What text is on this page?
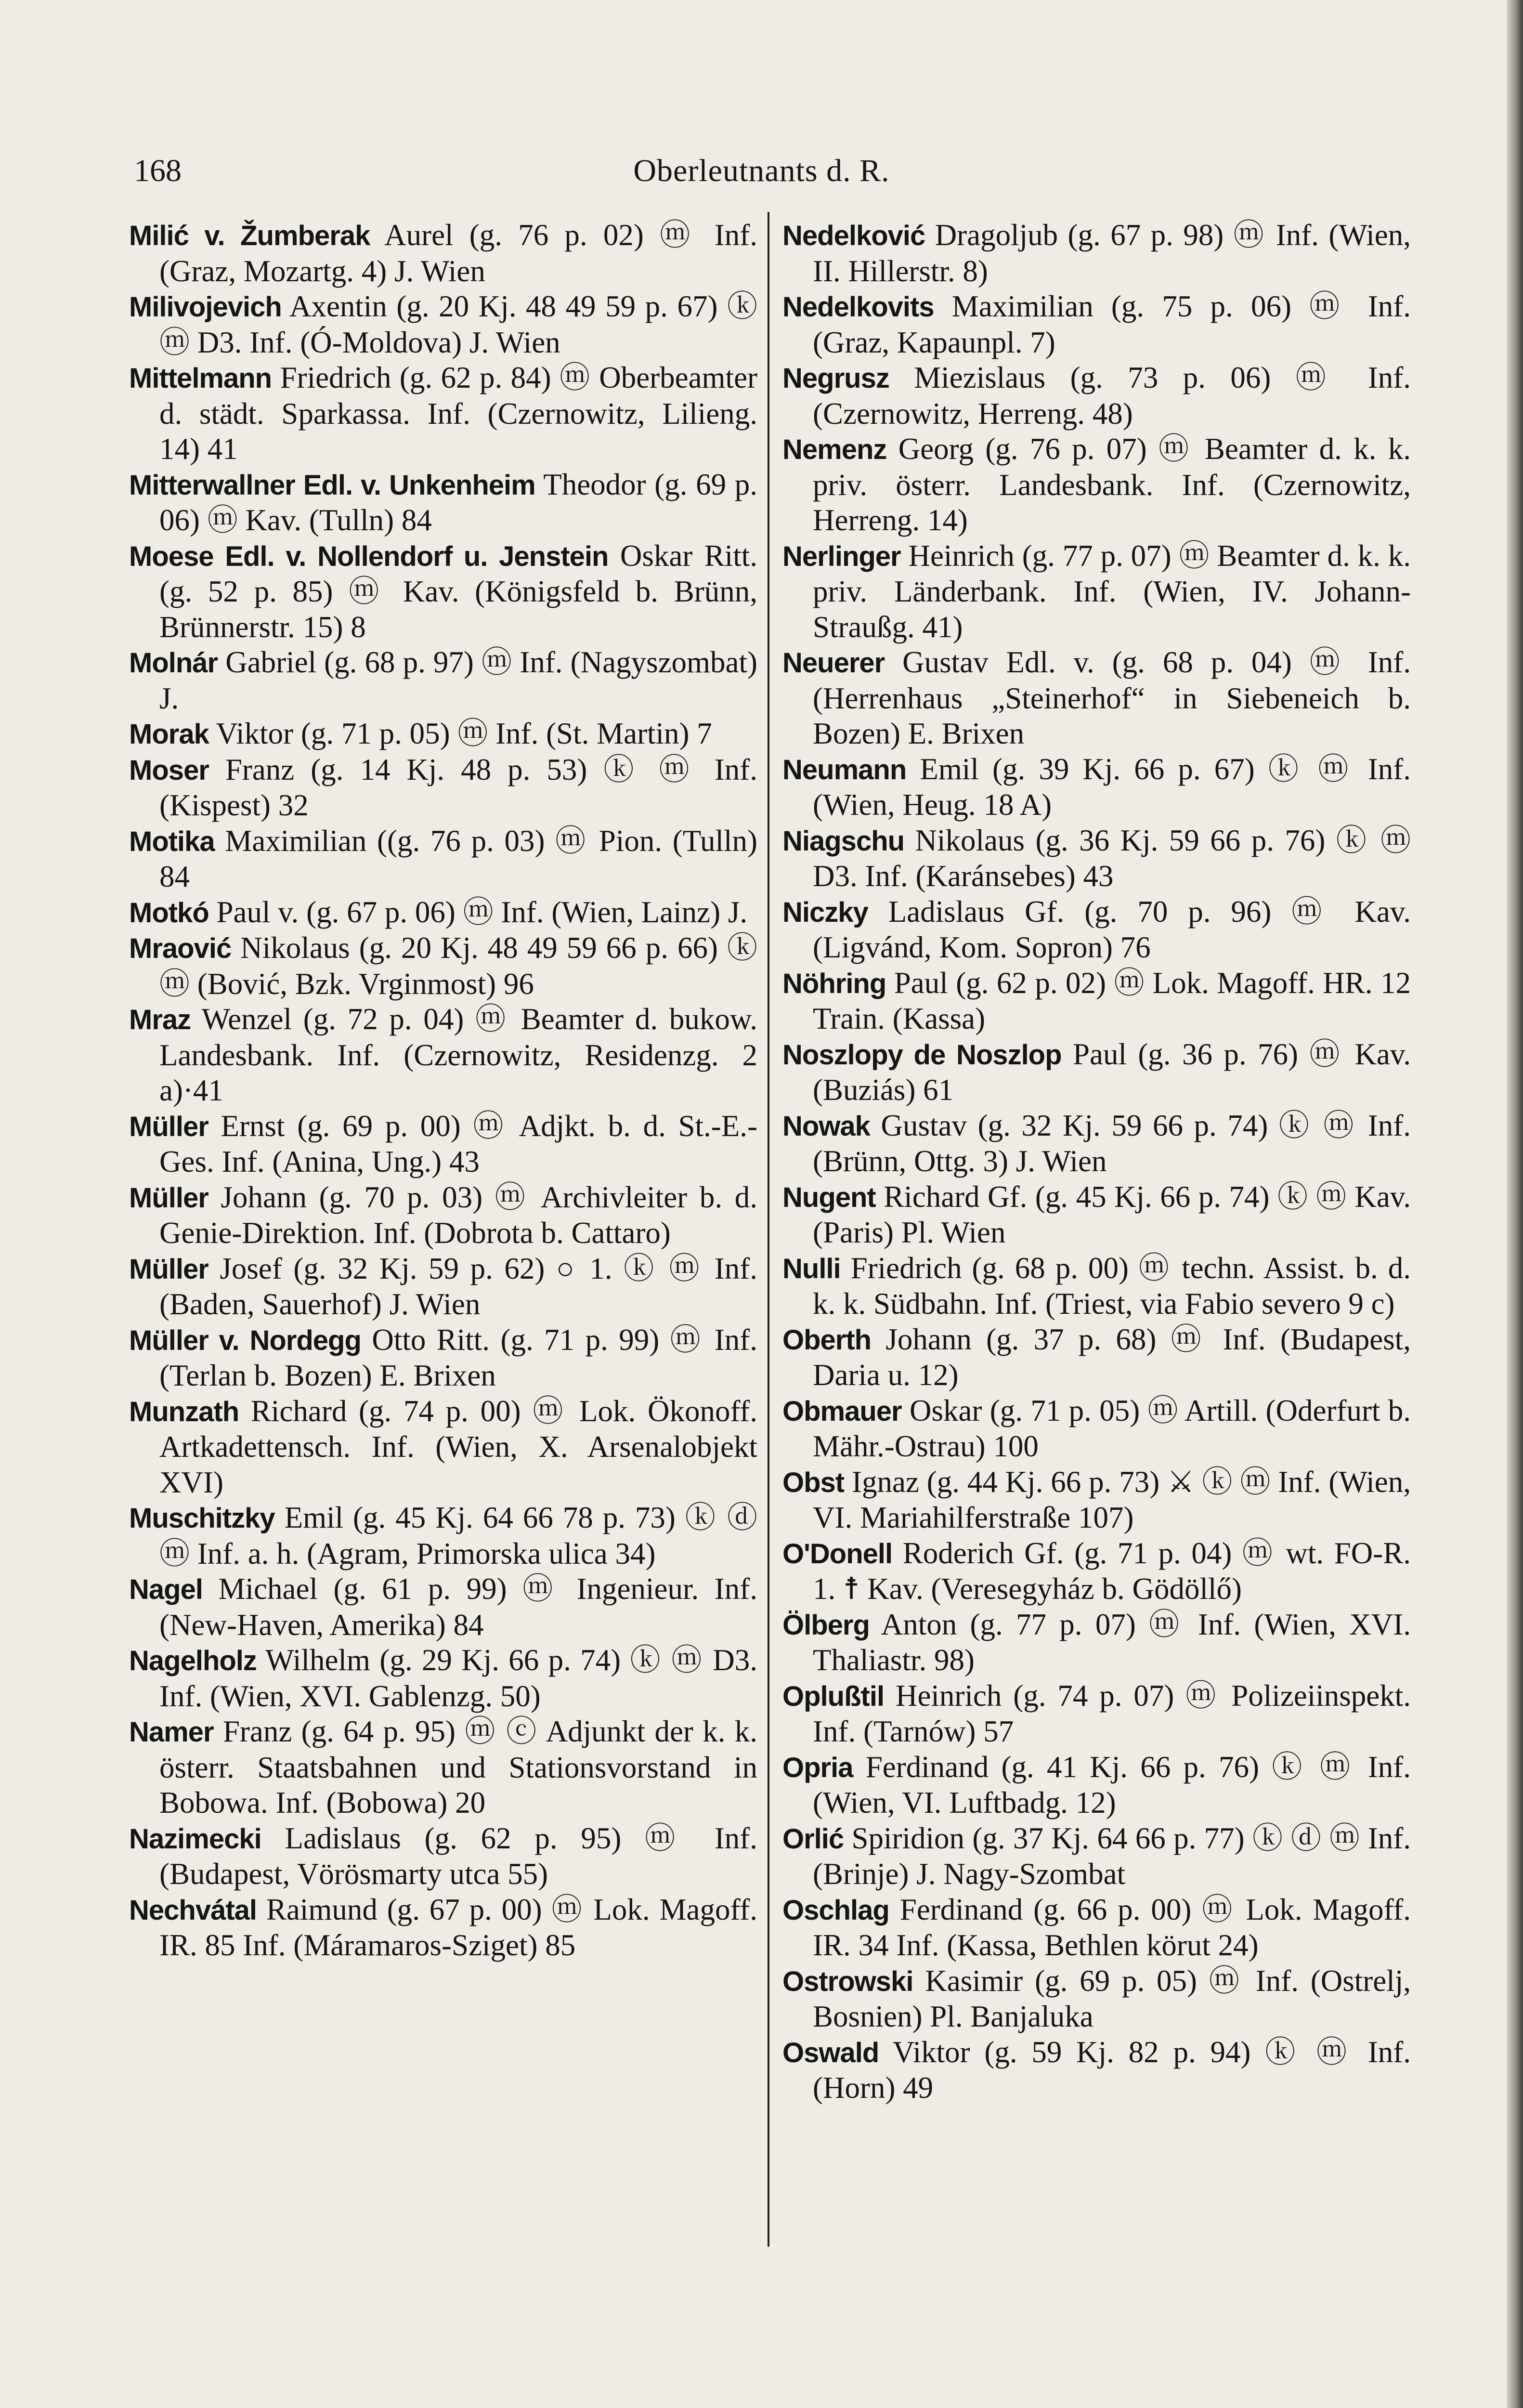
168	Oberleutnants d. R.

Milić v. Žumberak Aurel (g. 76 p. 02) ⓜ Inf. (Graz, Mozartg. 4) J. Wien

Milivojevich Axentin (g. 20 Kj. 48 49 59 p. 67) ⓚ ⓜ D3. Inf. (Ó-Moldova) J. Wien

Mittelmann Friedrich (g. 62 p. 84) ⓜ Oberbeamter d. städt. Sparkassa. Inf. (Czernowitz, Lilieng. 14) 41

Mitterwallner Edl. v. Unkenheim Theodor (g. 69 p. 06) ⓜ Kav. (Tulln) 84

Moese Edl. v. Nollendorf u. Jenstein Oskar Ritt. (g. 52 p. 85) ⓜ Kav. (Königsfeld b. Brünn, Brünnerstr. 15) 8

Molnár Gabriel (g. 68 p. 97) ⓜ Inf. (Nagyszombat) J.

Morak Viktor (g. 71 p. 05) ⓜ Inf. (St. Martin) 7

Moser Franz (g. 14 Kj. 48 p. 53) ⓚ ⓜ Inf. (Kispest) 32

Motika Maximilian ((g. 76 p. 03) ⓜ Pion. (Tulln) 84

Motkó Paul v. (g. 67 p. 06) ⓜ Inf. (Wien, Lainz) J.

Mraović Nikolaus (g. 20 Kj. 48 49 59 66 p. 66) ⓚ ⓜ (Bović, Bzk. Vrginmost) 96

Mraz Wenzel (g. 72 p. 04) ⓜ Beamter d. bukow. Landesbank. Inf. (Czernowitz, Residenzg. 2 a)·41

Müller Ernst (g. 69 p. 00) ⓜ Adjkt. b. d. St.-E.-Ges. Inf. (Anina, Ung.) 43

Müller Johann (g. 70 p. 03) ⓜ Archivleiter b. d. Genie-Direktion. Inf. (Dobrota b. Cattaro)

Müller Josef (g. 32 Kj. 59 p. 62) ○ 1. ⓚ ⓜ Inf. (Baden, Sauerhof) J. Wien

Müller v. Nordegg Otto Ritt. (g. 71 p. 99) ⓜ Inf. (Terlan b. Bozen) E. Brixen

Munzath Richard (g. 74 p. 00) ⓜ Lok. Ökonoff. Artkadettensch. Inf. (Wien, X. Arsenalobjekt XVI)

Muschitzky Emil (g. 45 Kj. 64 66 78 p. 73) ⓚ ⓓ ⓜ Inf. a. h. (Agram, Primorska ulica 34)

Nagel Michael (g. 61 p. 99) ⓜ Ingenieur. Inf. (New-Haven, Amerika) 84

Nagelholz Wilhelm (g. 29 Kj. 66 p. 74) ⓚ ⓜ D3. Inf. (Wien, XVI. Gablenzg. 50)

Namer Franz (g. 64 p. 95) ⓜ ⓒ Adjunkt der k. k. österr. Staatsbahnen und Stationsvorstand in Bobowa. Inf. (Bobowa) 20

Nazimecki Ladislaus (g. 62 p. 95) ⓜ Inf. (Budapest, Vörösmarty utca 55)

Nechvátal Raimund (g. 67 p. 00) ⓜ Lok. Magoff. IR. 85 Inf. (Máramaros-Sziget) 85

Nedelković Dragoljub (g. 67 p. 98) ⓜ Inf. (Wien, II. Hillerstr. 8)

Nedelkovits Maximilian (g. 75 p. 06) ⓜ Inf. (Graz, Kapaunpl. 7)

Negrusz Miezislaus (g. 73 p. 06) ⓜ Inf. (Czernowitz, Herreng. 48)

Nemenz Georg (g. 76 p. 07) ⓜ Beamter d. k. k. priv. österr. Landesbank. Inf. (Czernowitz, Herreng. 14)

Nerlinger Heinrich (g. 77 p. 07) ⓜ Beamter d. k. k. priv. Länderbank. Inf. (Wien, IV. Johann-Straußg. 41)

Neuerer Gustav Edl. v. (g. 68 p. 04) ⓜ Inf. (Herrenhaus „Steinerhof“ in Siebeneich b. Bozen) E. Brixen

Neumann Emil (g. 39 Kj. 66 p. 67) ⓚ ⓜ Inf. (Wien, Heug. 18 A)

Niagschu Nikolaus (g. 36 Kj. 59 66 p. 76) ⓚ ⓜ D3. Inf. (Karánsebes) 43

Niczky Ladislaus Gf. (g. 70 p. 96) ⓜ Kav. (Ligvánd, Kom. Sopron) 76

Nöhring Paul (g. 62 p. 02) ⓜ Lok. Magoff. HR. 12 Train. (Kassa)

Noszlopy de Noszlop Paul (g. 36 p. 76) ⓜ Kav. (Buziás) 61

Nowak Gustav (g. 32 Kj. 59 66 p. 74) ⓚ ⓜ Inf. (Brünn, Ottg. 3) J. Wien

Nugent Richard Gf. (g. 45 Kj. 66 p. 74) ⓚ ⓜ Kav. (Paris) Pl. Wien

Nulli Friedrich (g. 68 p. 00) ⓜ techn. Assist. b. d. k. k. Südbahn. Inf. (Triest, via Fabio severo 9 c)

Oberth Johann (g. 37 p. 68) ⓜ Inf. (Budapest, Daria u. 12)

Obmauer Oskar (g. 71 p. 05) ⓜ Artill. (Oderfurt b. Mähr.-Ostrau) 100

Obst Ignaz (g. 44 Kj. 66 p. 73) ⚔ ⓚ ⓜ Inf. (Wien, VI. Mariahilferstraße 107)

O'Donell Roderich Gf. (g. 71 p. 04) ⓜ wt. FO-R. 1. ☨ Kav. (Veresegyház b. Gödöllő)

Ölberg Anton (g. 77 p. 07) ⓜ Inf. (Wien, XVI. Thaliastr. 98)

Oplußtil Heinrich (g. 74 p. 07) ⓜ Polizeiinspekt. Inf. (Tarnów) 57

Opria Ferdinand (g. 41 Kj. 66 p. 76) ⓚ ⓜ Inf. (Wien, VI. Luftbadg. 12)

Orlić Spiridion (g. 37 Kj. 64 66 p. 77) ⓚ ⓓ ⓜ Inf. (Brinje) J. Nagy-Szombat

Oschlag Ferdinand (g. 66 p. 00) ⓜ Lok. Magoff. IR. 34 Inf. (Kassa, Bethlen körut 24)

Ostrowski Kasimir (g. 69 p. 05) ⓜ Inf. (Ostrelj, Bosnien) Pl. Banjaluka

Oswald Viktor (g. 59 Kj. 82 p. 94) ⓚ ⓜ Inf. (Horn) 49
